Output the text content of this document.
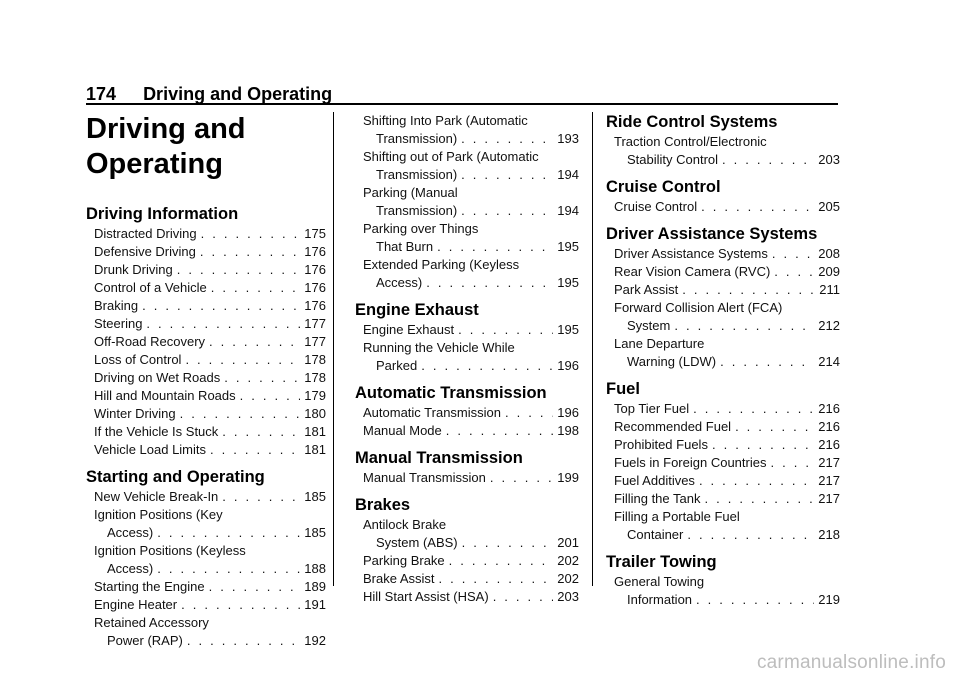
174 Driving and Operating
Driving and
Operating
Driving Information
Distracted Driving . . .	175
Defensive Driving . . .	176
Drunk Driving . . .	176
Control of a Vehicle . . .	176
Braking . . .	176
Steering . . .	177
Off-Road Recovery . . .	177
Loss of Control . . .	178
Driving on Wet Roads . . .	178
Hill and Mountain Roads . . .	179
Winter Driving . . .	180
If the Vehicle Is Stuck . . .	181
Vehicle Load Limits . . .	181
Starting and Operating
New Vehicle Break-In . . .	185
Ignition Positions (Key
Access) . . .	185
Ignition Positions (Keyless
Access) . . .	188
Starting the Engine . . .	189
Engine Heater . . .	191
Retained Accessory
Power (RAP) . . .	192
Shifting Into Park (Automatic
Transmission) . . .	193
Shifting out of Park (Automatic
Transmission) . . .	194
Parking (Manual
Transmission) . . .	194
Parking over Things
That Burn . . .	195
Extended Parking (Keyless
Access) . . .	195
Engine Exhaust
Engine Exhaust . . .	195
Running the Vehicle While
Parked . . .	196
Automatic Transmission
Automatic Transmission . . .	196
Manual Mode . . .	198
Manual Transmission
Manual Transmission . . .	199
Brakes
Antilock Brake
System (ABS) . . .	201
Parking Brake . . .	202
Brake Assist . . .	202
Hill Start Assist (HSA) . . .	203
Ride Control Systems
Traction Control/Electronic
Stability Control . . .	203
Cruise Control
Cruise Control . . .	205
Driver Assistance Systems
Driver Assistance Systems . . .	208
Rear Vision Camera (RVC) . . .	209
Park Assist . . .	211
Forward Collision Alert (FCA)
System . . .	212
Lane Departure
Warning (LDW) . . .	214
Fuel
Top Tier Fuel . . .	216
Recommended Fuel . . .	216
Prohibited Fuels . . .	216
Fuels in Foreign Countries . . .	217
Fuel Additives . . .	217
Filling the Tank . . .	217
Filling a Portable Fuel
Container . . .	218
Trailer Towing
General Towing
Information . . .	219
carmanualsonline.info
